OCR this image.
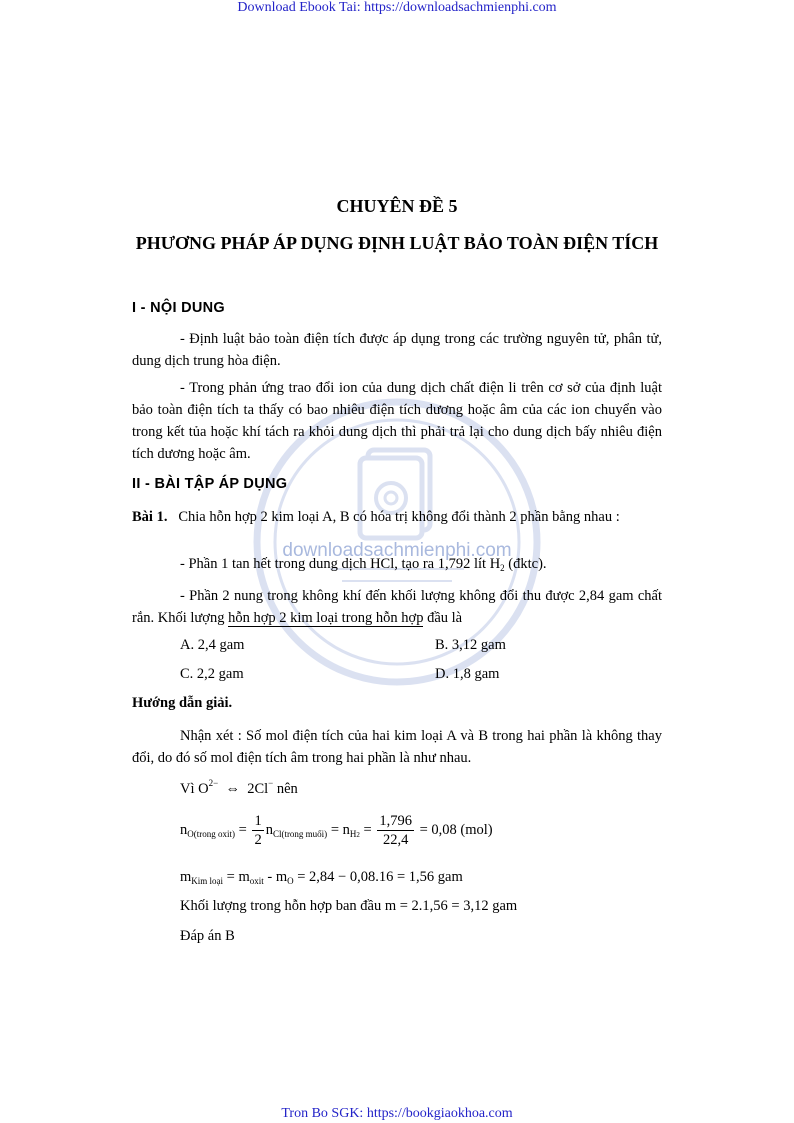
Download Ebook Tai: https://downloadsachmienphi.com
Tron Bo SGK: https://bookgiaokhoa.com
downloadsachmienphi.com
CHUYÊN ĐỀ 5
PHƯƠNG PHÁP ÁP DỤNG ĐỊNH LUẬT BẢO TOÀN ĐIỆN TÍCH
I - NỘI DUNG

- Định luật bảo toàn điện tích được áp dụng trong các trường nguyên tử, phân tử, dung dịch trung hòa điện.

- Trong phản ứng trao đổi ion của dung dịch chất điện li trên cơ sở của định luật bảo toàn điện tích ta thấy có bao nhiêu điện tích dương hoặc âm của các ion chuyển vào trong kết tủa hoặc khí tách ra khỏi dung dịch thì phải trả lại cho dung dịch bấy nhiêu điện tích dương hoặc âm.

II - BÀI TẬP ÁP DỤNG

Bài 1. Chia hỗn hợp 2 kim loại A, B có hóa trị không đổi thành 2 phần bằng nhau :

- Phần 1 tan hết trong dung dịch HCl, tạo ra 1,792 lít $H_2$ (đktc).

- Phần 2 nung trong không khí đến khối lượng không đổi thu được 2,84 gam chất rắn. Khối lượng hỗn hợp 2 kim loại trong hỗn hợp đầu là

A. 2,4 gam	B. 3,12 gam
C. 2,2 gam	D. 1,8 gam
Hướng dẫn giải.

Nhận xét : Số mol điện tích của hai kim loại A và B trong hai phần là không thay đổi, do đó số mol điện tích âm trong hai phần là như nhau.

Vì $O^{2-}$ ⇔ 2Cl− nên
$n_{O(trong oxit)} = \frac{1}{2} n_{Cl(trong muối)} = n_{H2} = \frac{1,796}{22,4} = 0,08$ (mol)
$m_{Kim loại} = m_{oxit} - m_O = 2,84 - 0,08.16 = 1,56$ gam
Khối lượng trong hỗn hợp ban đầu m = 2.1,56 = 3,12 gam
Đáp án B
